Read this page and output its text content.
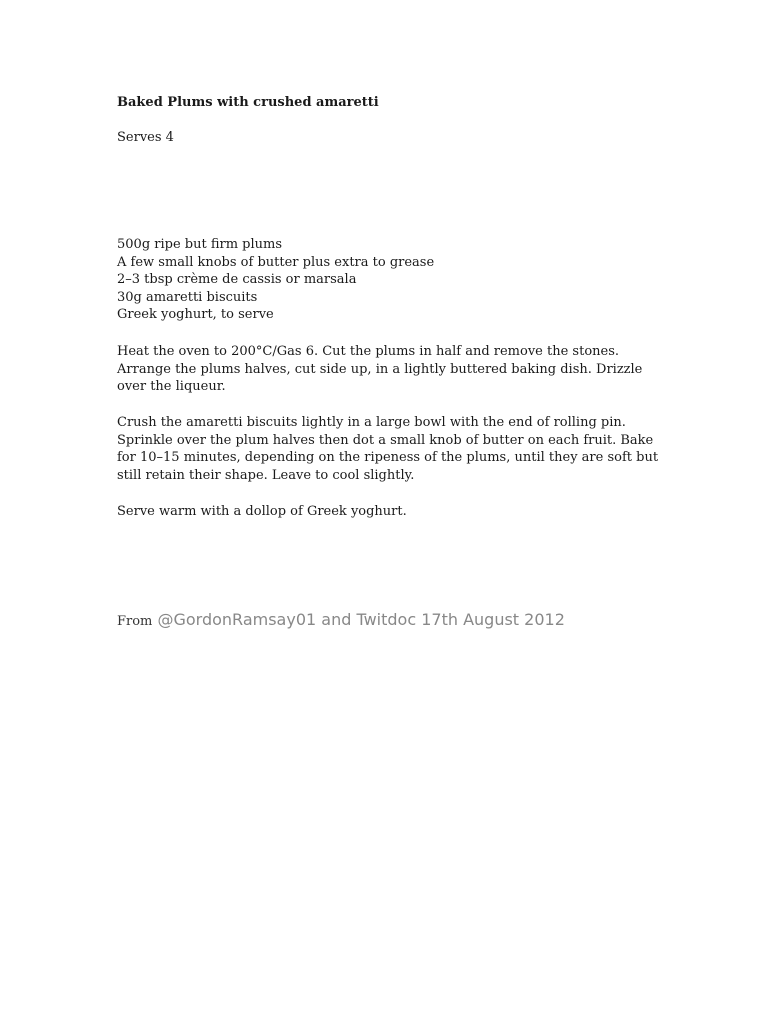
Baked Plums with crushed amaretti
Serves 4
500g ripe but firm plums
A few small knobs of butter plus extra to grease
2–3 tbsp crème de cassis or marsala
30g amaretti biscuits
Greek yoghurt, to serve

Heat the oven to 200°C/Gas 6. Cut the plums in half and remove the stones. Arrange the plums halves, cut side up, in a lightly buttered baking dish. Drizzle over the liqueur.

Crush the amaretti biscuits lightly in a large bowl with the end of rolling pin. Sprinkle over the plum halves then dot a small knob of butter on each fruit. Bake for 10–15 minutes, depending on the ripeness of the plums, until they are soft but still retain their shape. Leave to cool slightly.

Serve warm with a dollop of Greek yoghurt.

From @GordonRamsay01 and Twitdoc 17th August 2012
